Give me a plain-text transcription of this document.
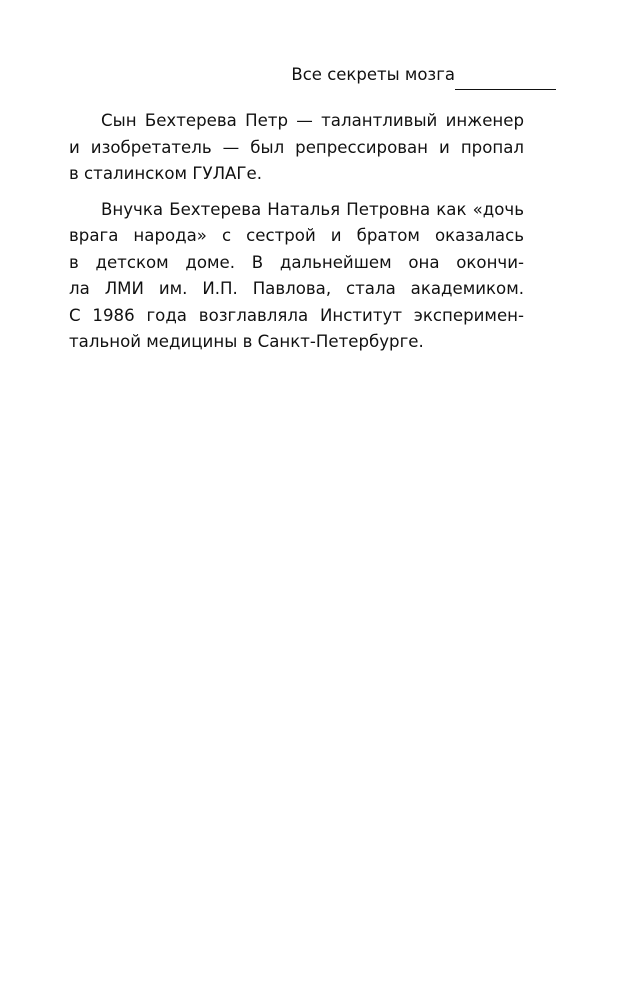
Все секреты мозга

Сын Бехтерева Петр — талантливый инженер
и изобретатель — был репрессирован и пропал
в сталинском ГУЛАГе.

Внучка Бехтерева Наталья Петровна как «дочь
врага народа» с сестрой и братом оказалась
в детском доме. В дальнейшем она окончи-
ла ЛМИ им. И.П. Павлова, стала академиком.
С 1986 года возглавляла Институт эксперимен-
тальной медицины в Санкт-Петербурге.
